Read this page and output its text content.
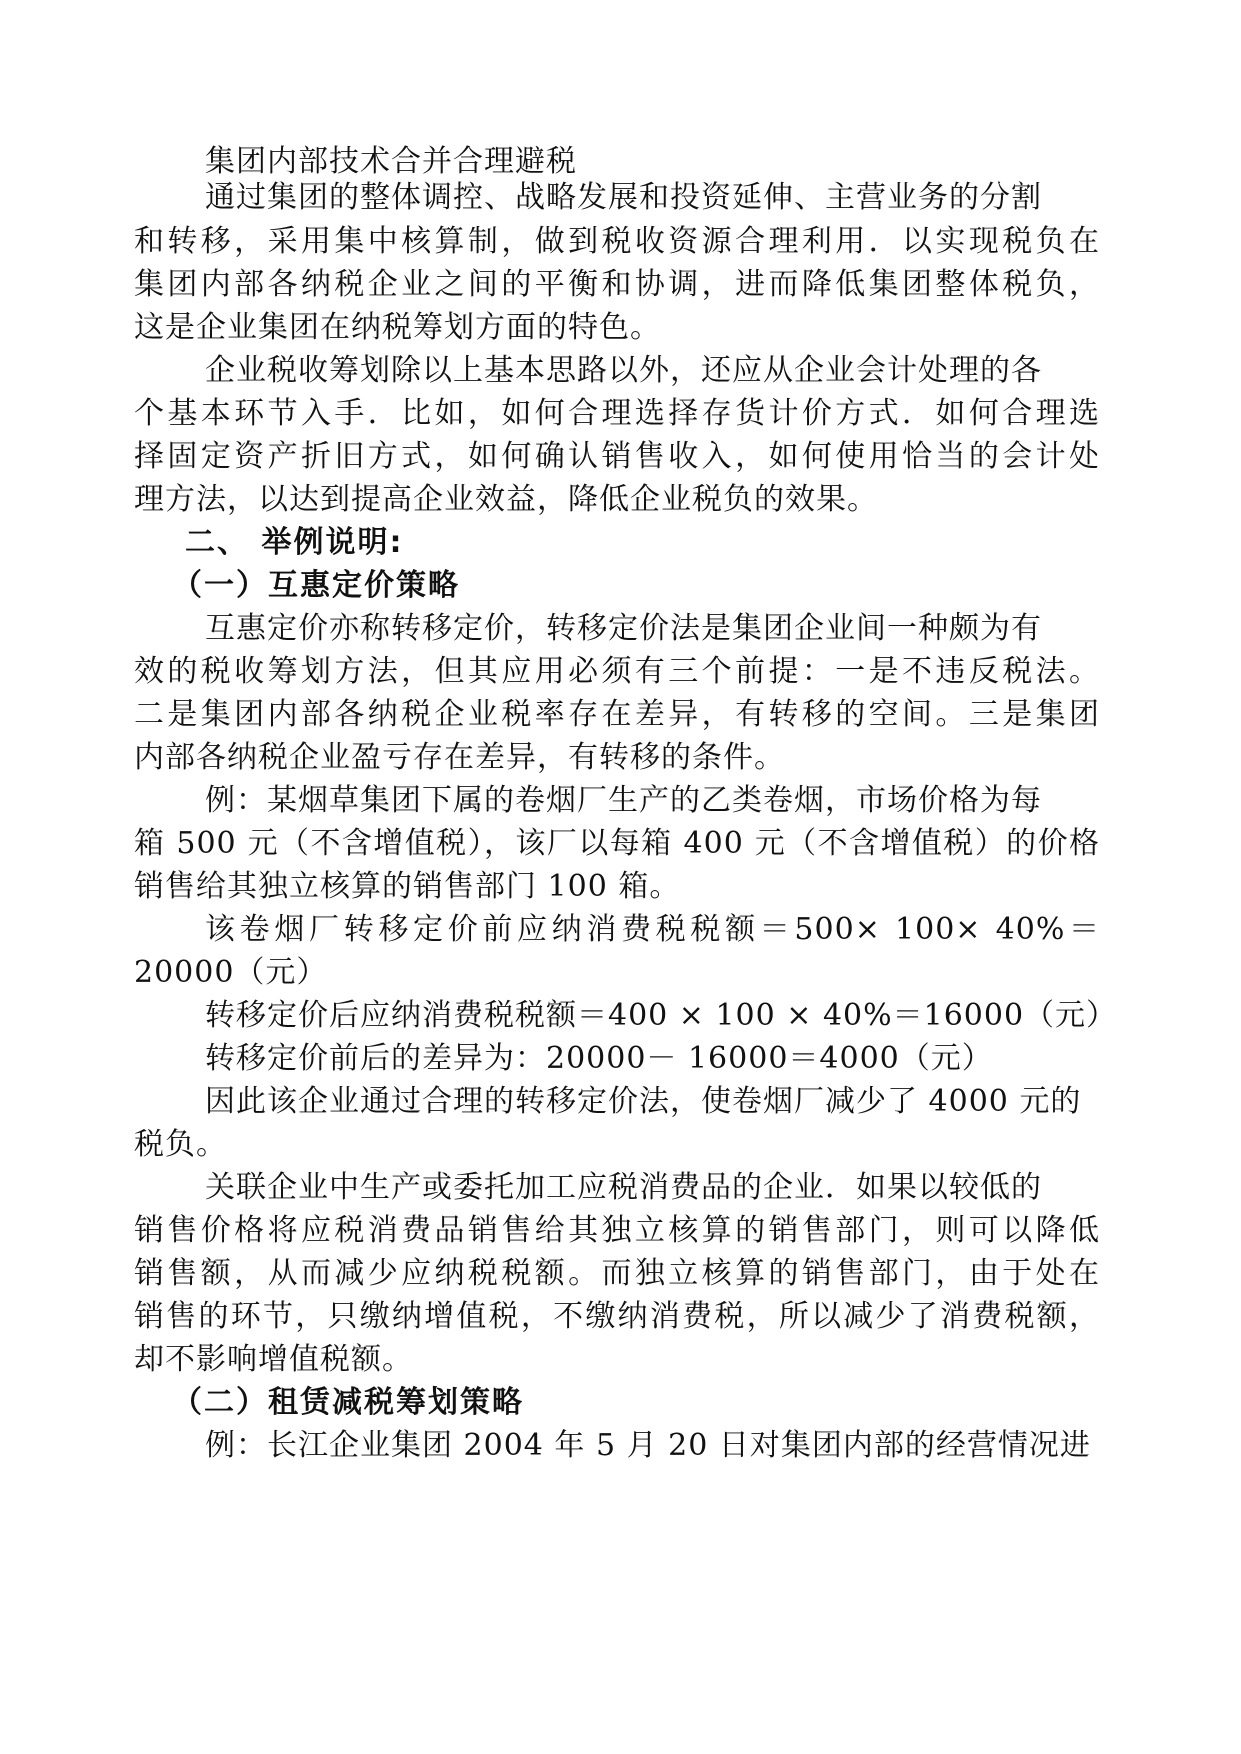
集团内部技术合并合理避税

通过集团的整体调控、战略发展和投资延伸、主营业务的分割

和转移，采用集中核算制，做到税收资源合理利用．以实现税负在

集团内部各纳税企业之间的平衡和协调，进而降低集团整体税负，

这是企业集团在纳税筹划方面的特色。

企业税收筹划除以上基本思路以外，还应从企业会计处理的各

个基本环节入手．比如，如何合理选择存货计价方式．如何合理选

择固定资产折旧方式，如何确认销售收入，如何使用恰当的会计处

理方法，以达到提高企业效益，降低企业税负的效果。

二、 举例说明:

（一）互惠定价策略

互惠定价亦称转移定价，转移定价法是集团企业间一种颇为有

效的税收筹划方法，但其应用必须有三个前提：一是不违反税法。

二是集团内部各纳税企业税率存在差异，有转移的空间。三是集团

内部各纳税企业盈亏存在差异，有转移的条件。

例：某烟草集团下属的卷烟厂生产的乙类卷烟，市场价格为每

箱 500 元（不含增值税），该厂以每箱 400 元（不含增值税）的价格

销售给其独立核算的销售部门 100 箱。

该卷烟厂转移定价前应纳消费税税额＝500× 100× 40%＝

20000（元）

转移定价后应纳消费税税额＝400 × 100 × 40%＝16000（元）

转移定价前后的差异为：20000－ 16000＝4000（元）

因此该企业通过合理的转移定价法，使卷烟厂减少了 4000 元的

税负。

关联企业中生产或委托加工应税消费品的企业．如果以较低的

销售价格将应税消费品销售给其独立核算的销售部门，则可以降低

销售额，从而减少应纳税税额。而独立核算的销售部门，由于处在

销售的环节，只缴纳增值税，不缴纳消费税，所以减少了消费税额，

却不影响增值税额。

（二）租赁减税筹划策略

例：长江企业集团 2004 年 5 月 20 日对集团内部的经营情况进
